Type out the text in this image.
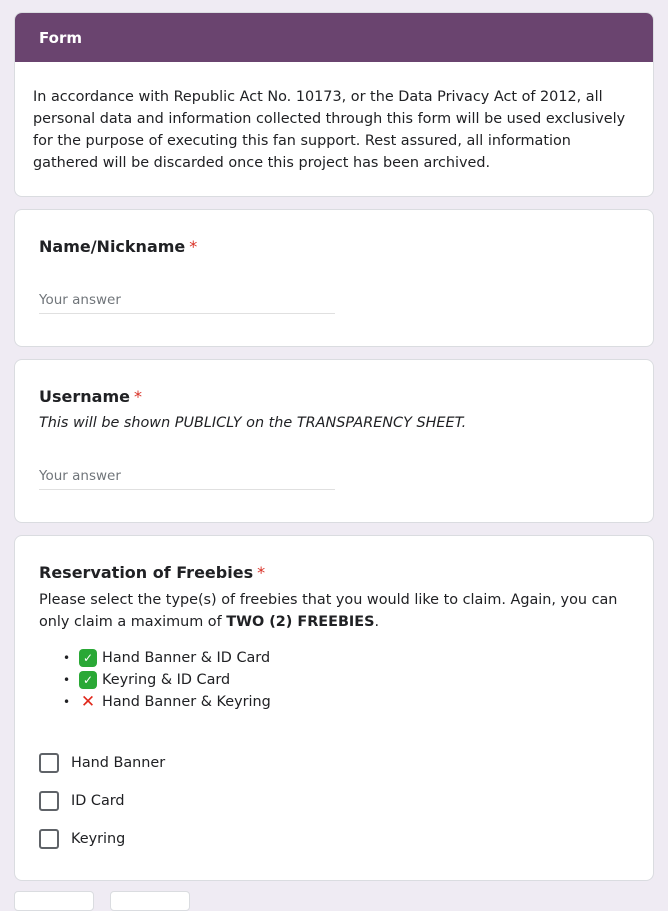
Form
In accordance with Republic Act No. 10173, or the Data Privacy Act of 2012, all personal data and information collected through this form will be used exclusively for the purpose of executing this fan support. Rest assured, all information gathered will be discarded once this project has been archived.
Name/Nickname *
Your answer
Username *
This will be shown PUBLICLY on the TRANSPARENCY SHEET.
Your answer
Reservation of Freebies *

Please select the type(s) of freebies that you would like to claim. Again, you can only claim a maximum of TWO (2) FREEBIES.

•	✓ Hand Banner & ID Card
•	✓ Keyring & ID Card
• ✕ Hand Banner & Keyring
Hand Banner
ID Card
Keyring
